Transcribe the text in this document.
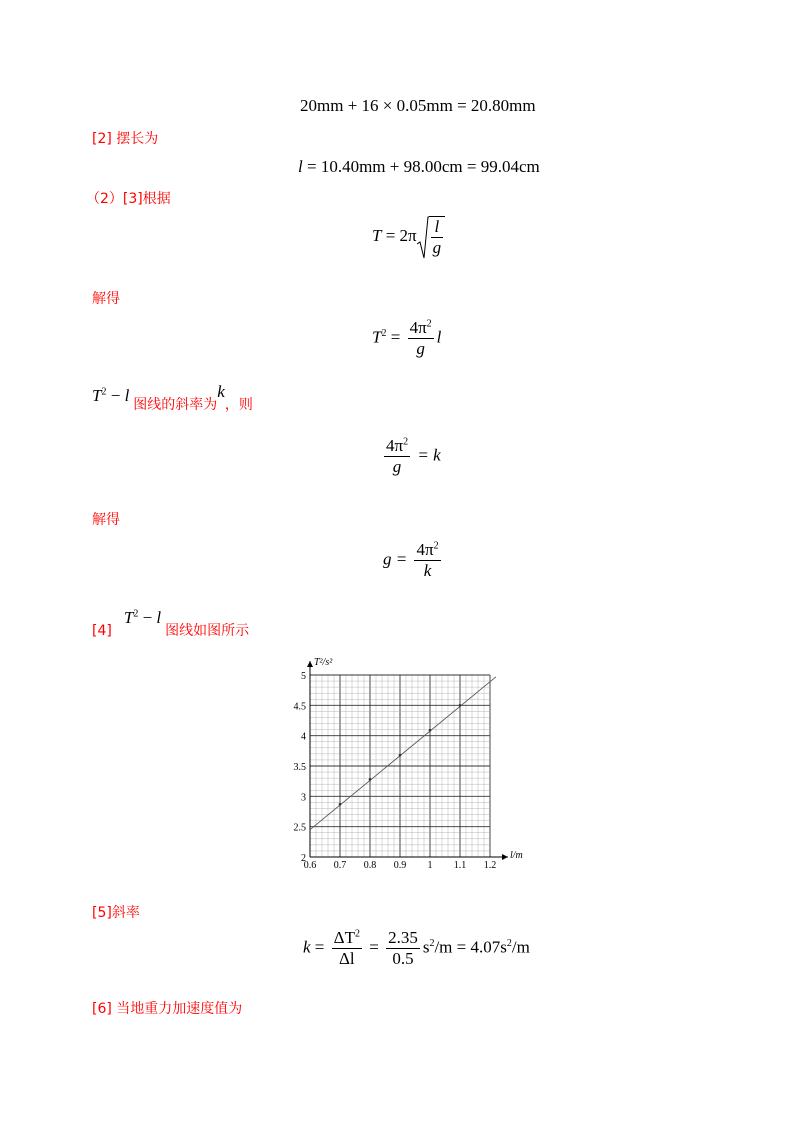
20mm + 16 × 0.05mm = 20.80mm
[2] 摆长为
l = 10.40mm + 98.00cm = 99.04cm
（2）[3]根据
$T = 2\pi \frac{l}{g}$
解得
$T^2 = \frac{4\pi^2}{g}$ l
$T^2 - l$ 图线的斜率为k，则
$\frac{4\pi^2}{g} = k$
解得
$g = \frac{4\pi^2}{k}$
[4] $T^2 - l$ 图线如图所示
0.6 0.7 0.8 0.9 1 1.1 1.2
2
2.5
3
3.5
4
4.5
5
l/m
T²/s²
[5]斜率
$k = \frac{\Delta T^2}{\Delta l} = \frac{2.35}{0.5} s^2/m = 4.07s^2/m$
[6] 当地重力加速度值为
